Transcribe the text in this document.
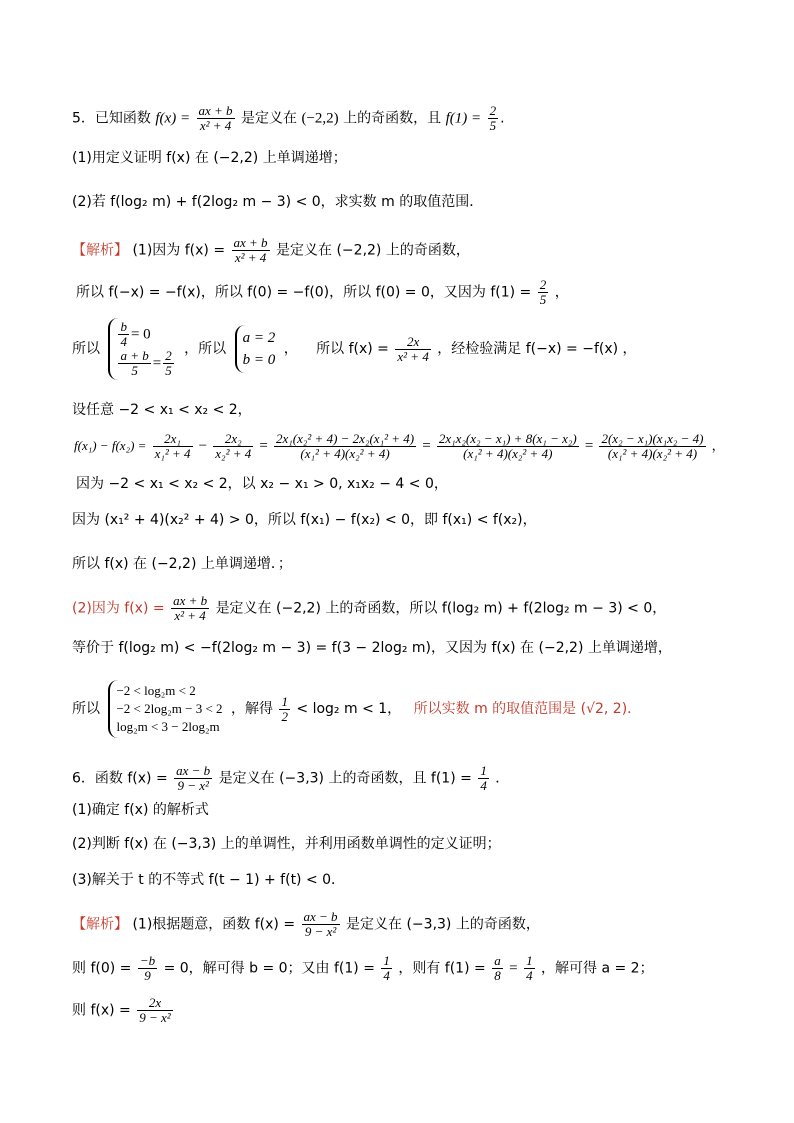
5．已知函数 $f(x) = \frac{ax + b}{\text{x² + 4}}$ 是定义在 (−2,2) 上的奇函数，且 $f(1) = \frac{2}{5}$ .
(1)用定义证明 f(x) 在 (−2,2) 上单调递增；
(2)若 f(log₂ m) + f(2log₂ m − 3) < 0，求实数 m 的取值范围．
【解析】 (1)因为 $f(x) = \frac{ax + b}{\text{x² + 4}}$ 是定义在 (−2,2) 上的奇函数，
所以 f(−x) = −f(x)，所以 f(0) = −f(0)，所以 f(0) = 0，又因为 $f(1) = \frac{2}{5}$ ，
所以 $\frac{b}{4} = 0$
$\frac{a + b}{5} = \frac{2}{5}$ ，所以
a = 2
b = 0
， 所以 $f(x) = \frac{2x}{\text{x² + 4}}$ ，经检验满足 f(−x) = −f(x) ，
设任意 −2 < x₁ < x₂ < 2，
$f(x_1) - f(x_2) = \frac{\text{2x₁}}{\text{x₁² + 4}} - \frac{\text{2x₂}}{\text{x₂² + 4}} = \frac{\text{2x₁(x₂² + 4) − 2x₂(x₁² + 4)}}{\text{(x₁² + 4)(x₂² + 4)}} = \frac{\text{2x₁x₂(x₂ − x₁) + 8(x₁ − x₂)}}{\text{(x₁² + 4)(x₂² + 4)}} = \frac{\text{2(x₂ − x₁)(x₁x₂ − 4)}}{\text{(x₁² + 4)(x₂² + 4)}}$ ，
因为 −2 < x₁ < x₂ < 2，以 x₂ − x₁ > 0, x₁x₂ − 4 < 0，
因为 (x₁² + 4)(x₂² + 4) > 0，所以 f(x₁) − f(x₂) < 0，即 f(x₁) < f(x₂)，
所以 f(x) 在 (−2,2) 上单调递增．；
(2)因为 $f(x) = \frac{ax + b}{\text{x² + 4}}$ 是定义在 (−2,2) 上的奇函数，所以 f(log₂ m) + f(2log₂ m − 3) < 0，
等价于 f(log₂ m) < −f(2log₂ m − 3) = f(3 − 2log₂ m)，又因为 f(x) 在 (−2,2) 上单调递增，
所以
−2 < log₂m < 2
−2 < 2log₂m − 3 < 2
log₂m < 3 − 2log₂m
，解得 $\frac{1}{2} < \log_2$ m < 1， 所以实数 m 的取值范围是 (√2, 2)．
6．函数 $f(x) = \frac{ax - b}{\text{9 − x²}}$ 是定义在 (−3,3) 上的奇函数，且 $f(1) = \frac{1}{4}$ ．
(1)确定 f(x) 的解析式
(2)判断 f(x) 在 (−3,3) 上的单调性，并利用函数单调性的定义证明；
(3)解关于 t 的不等式 f(t − 1) + f(t) < 0．
【解析】 (1)根据题意，函数 $f(x) = \frac{ax - b}{\text{9 − x²}}$ 是定义在 (−3,3) 上的奇函数，
则 $f(0) = \frac{-b}{9} = 0$，解可得 b = 0；又由 $f(1) = \frac{1}{4}$ ，则有 $f(1) = \frac{a}{8} = \frac{1}{4}$ ，解可得 a = 2；
则 $f(x) = \frac{2x}{\text{9 − x²}}$
